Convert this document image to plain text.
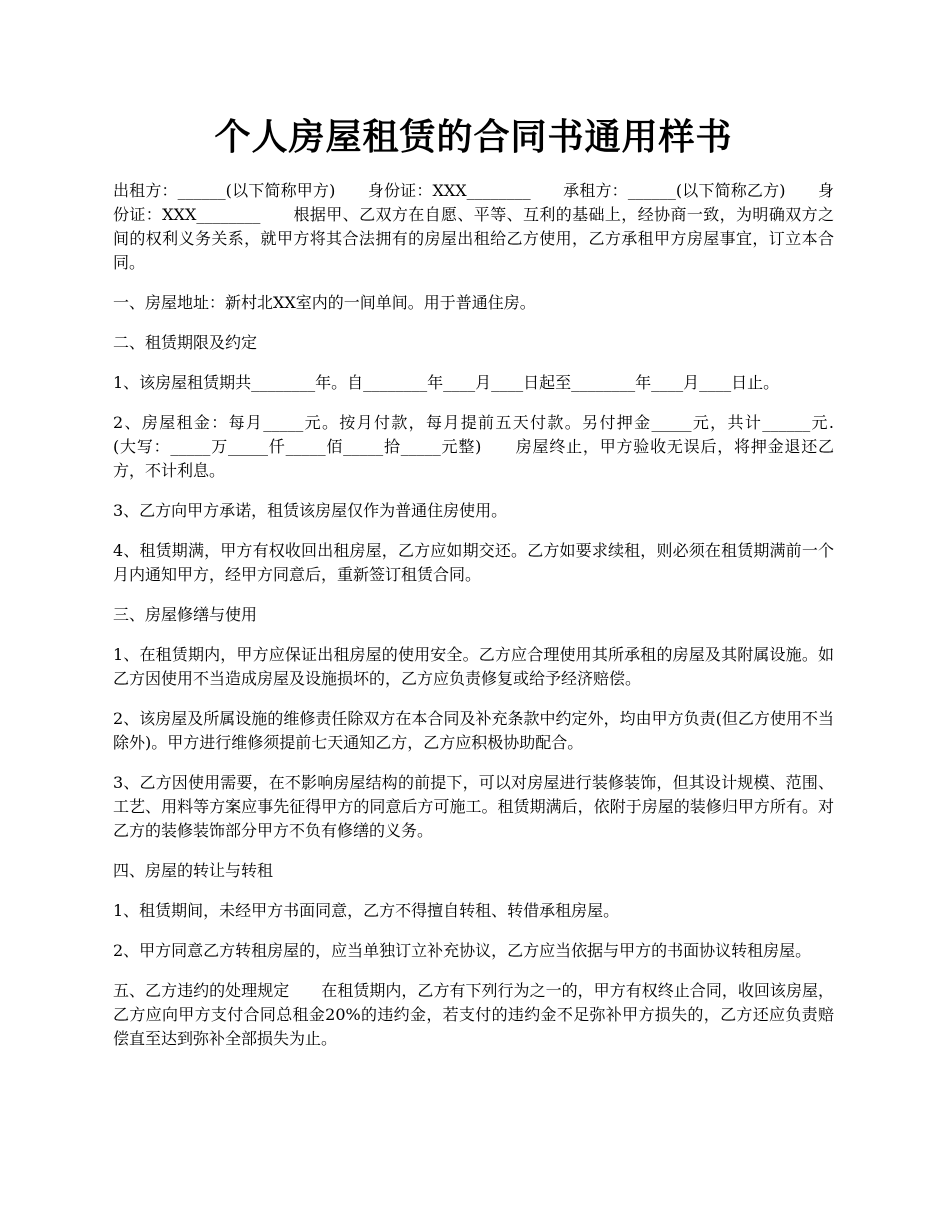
个人房屋租赁的合同书通用样书

出租方：______(以下简称甲方)　　身份证：XXX________　　承租方：______(以下简称乙方)　　身份证：XXX________　　根据甲、乙双方在自愿、平等、互利的基础上，经协商一致，为明确双方之间的权利义务关系，就甲方将其合法拥有的房屋出租给乙方使用，乙方承租甲方房屋事宜，订立本合同。

一、房屋地址：新村北XX室内的一间单间。用于普通住房。

二、租赁期限及约定

1、该房屋租赁期共________年。自________年____月____日起至________年____月____日止。

2、房屋租金：每月_____元。按月付款，每月提前五天付款。另付押金_____元，共计______元.　　(大写：_____万_____仟_____佰_____拾_____元整)　　房屋终止，甲方验收无误后，将押金退还乙方，不计利息。

3、乙方向甲方承诺，租赁该房屋仅作为普通住房使用。

4、租赁期满，甲方有权收回出租房屋，乙方应如期交还。乙方如要求续租，则必须在租赁期满前一个月内通知甲方，经甲方同意后，重新签订租赁合同。

三、房屋修缮与使用

1、在租赁期内，甲方应保证出租房屋的使用安全。乙方应合理使用其所承租的房屋及其附属设施。如乙方因使用不当造成房屋及设施损坏的，乙方应负责修复或给予经济赔偿。

2、该房屋及所属设施的维修责任除双方在本合同及补充条款中约定外，均由甲方负责(但乙方使用不当除外)。甲方进行维修须提前七天通知乙方，乙方应积极协助配合。

3、乙方因使用需要，在不影响房屋结构的前提下，可以对房屋进行装修装饰，但其设计规模、范围、工艺、用料等方案应事先征得甲方的同意后方可施工。租赁期满后，依附于房屋的装修归甲方所有。对乙方的装修装饰部分甲方不负有修缮的义务。

四、房屋的转让与转租

1、租赁期间，未经甲方书面同意，乙方不得擅自转租、转借承租房屋。

2、甲方同意乙方转租房屋的，应当单独订立补充协议，乙方应当依据与甲方的书面协议转租房屋。

五、乙方违约的处理规定　　在租赁期内，乙方有下列行为之一的，甲方有权终止合同，收回该房屋，乙方应向甲方支付合同总租金20%的违约金，若支付的违约金不足弥补甲方损失的，乙方还应负责赔偿直至达到弥补全部损失为止。
